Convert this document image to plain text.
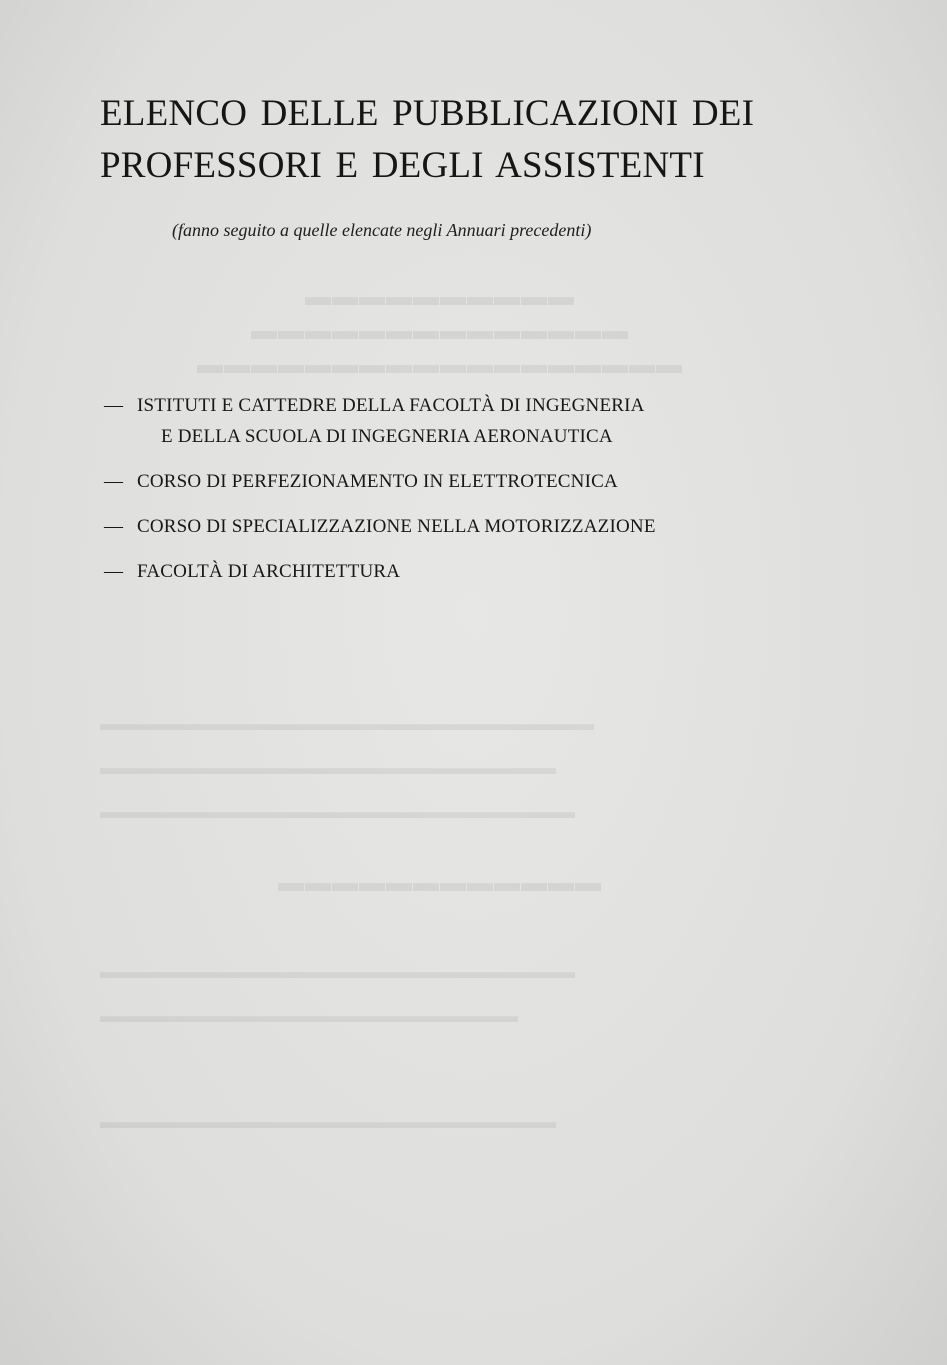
▬▬▬▬▬▬▬▬▬▬
▬▬▬▬▬▬▬▬▬▬▬▬▬▬
▬▬▬▬▬▬▬▬▬▬▬▬▬▬▬▬▬▬
▬▬▬▬▬▬▬▬▬▬▬▬▬▬▬▬▬▬▬▬▬▬▬▬▬▬
▬▬▬▬▬▬▬▬▬▬▬▬▬▬▬▬▬▬▬▬▬▬▬▬
▬▬▬▬▬▬▬▬▬▬▬▬▬▬▬▬▬▬▬▬▬▬▬▬▬
▬▬▬▬▬▬▬▬▬▬▬▬
▬▬▬▬▬▬▬▬▬▬▬▬▬▬▬▬▬▬▬▬▬▬▬▬▬
▬▬▬▬▬▬▬▬▬▬▬▬▬▬▬▬▬▬▬▬▬▬
▬▬▬▬▬▬▬▬▬▬▬▬▬▬▬▬▬▬▬▬▬▬▬▬
ELENCO DELLE PUBBLICAZIONI DEI
PROFESSORI E DEGLI ASSISTENTI

(fanno seguito a quelle elencate negli Annuari precedenti)

— ISTITUTI E CATTEDRE DELLA FACOLTÀ DI INGEGNERIA
E DELLA SCUOLA DI INGEGNERIA AERONAUTICA
— CORSO DI PERFEZIONAMENTO IN ELETTROTECNICA
— CORSO DI SPECIALIZZAZIONE NELLA MOTORIZZAZIONE
— FACOLTÀ DI ARCHITETTURA
